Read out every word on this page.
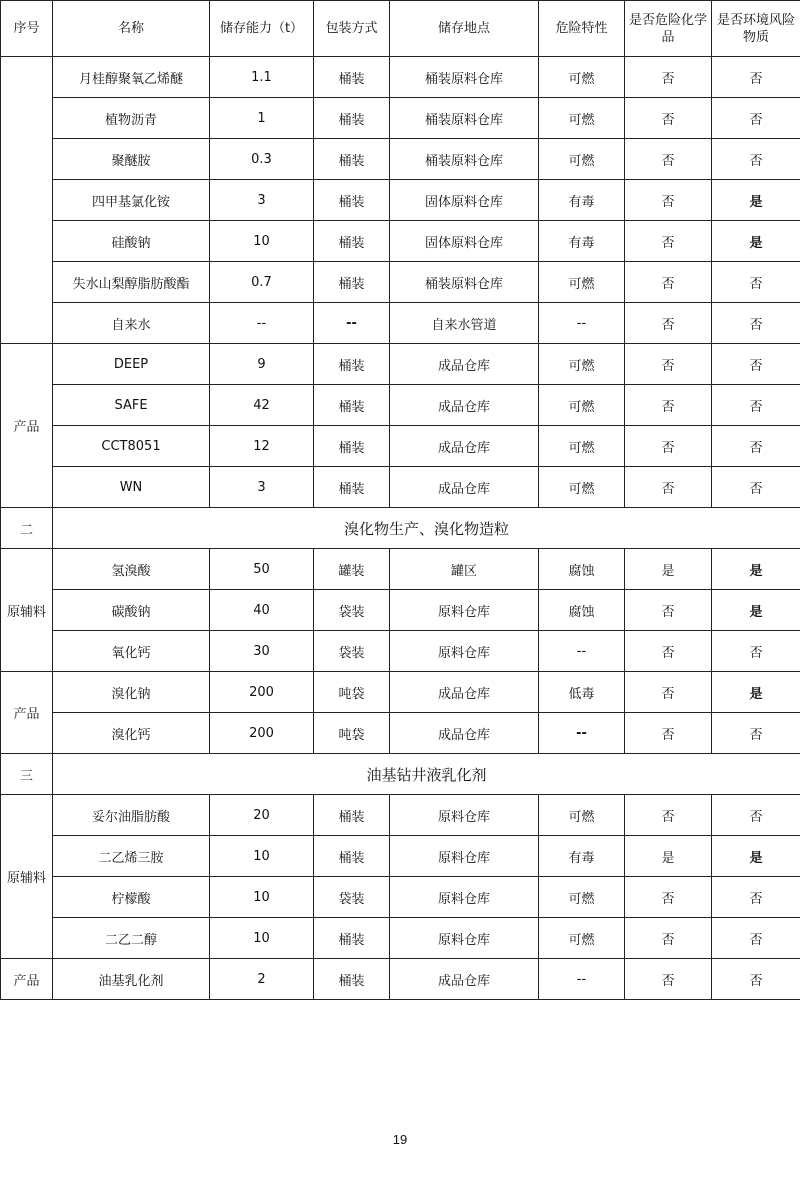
序号	名称	储存能力（t）	包装方式	储存地点	危险特性	是否危险化学品	是否环境风险物质
	月桂醇聚氧乙烯醚	1.1	桶装	桶装原料仓库	可燃	否	否
	植物沥青	1	桶装	桶装原料仓库	可燃	否	否
	聚醚胺	0.3	桶装	桶装原料仓库	可燃	否	否
	四甲基氯化铵	3	桶装	固体原料仓库	有毒	否	是
	硅酸钠	10	桶装	固体原料仓库	有毒	否	是
	失水山梨醇脂肪酸酯	0.7	桶装	桶装原料仓库	可燃	否	否
	自来水	--	--	自来水管道	--	否	否
产品	DEEP	9	桶装	成品仓库	可燃	否	否
	SAFE	42	桶装	成品仓库	可燃	否	否
	CCT8051	12	桶装	成品仓库	可燃	否	否
	WN	3	桶装	成品仓库	可燃	否	否
二	溴化物生产、溴化物造粒						
原辅料	氢溴酸	50	罐装	罐区	腐蚀	是	是
	碳酸钠	40	袋装	原料仓库	腐蚀	否	是
	氧化钙	30	袋装	原料仓库	--	否	否
产品	溴化钠	200	吨袋	成品仓库	低毒	否	是
	溴化钙	200	吨袋	成品仓库	--	否	否
三	油基钻井液乳化剂						
原辅料	妥尔油脂肪酸	20	桶装	原料仓库	可燃	否	否
	二乙烯三胺	10	桶装	原料仓库	有毒	是	是
	柠檬酸	10	袋装	原料仓库	可燃	否	否
	二乙二醇	10	桶装	原料仓库	可燃	否	否
产品	油基乳化剂	2	桶装	成品仓库	--	否	否
19
